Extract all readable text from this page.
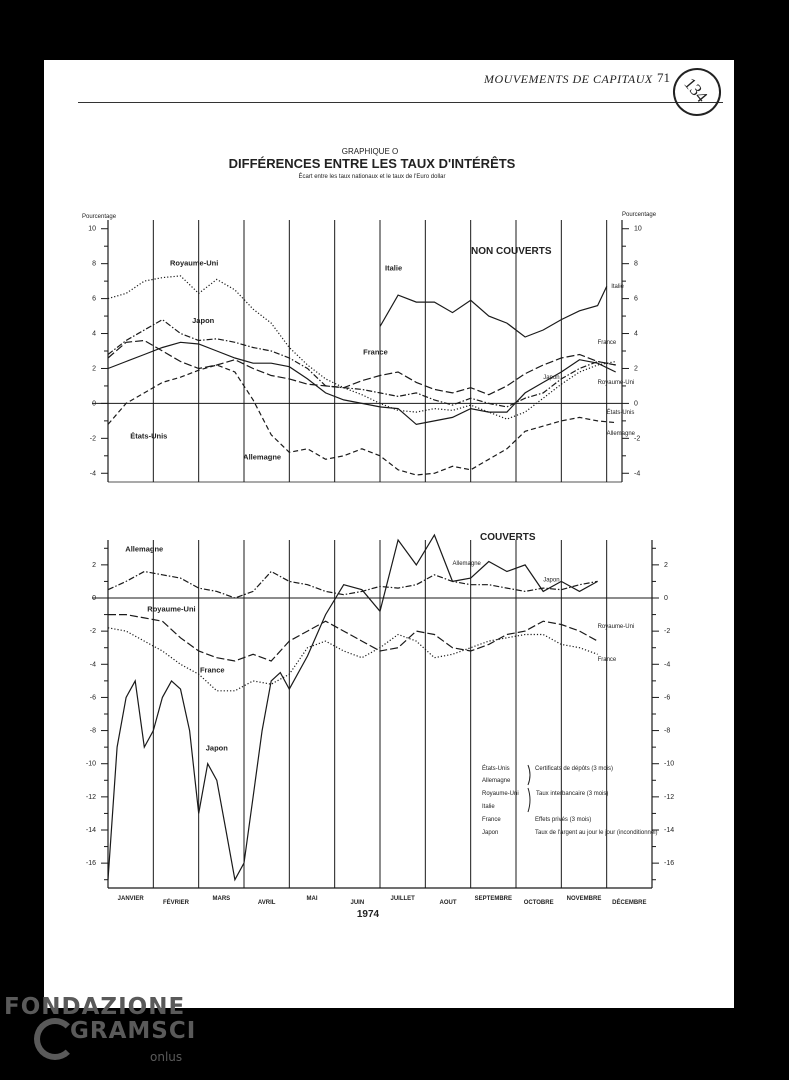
MOUVEMENTS DE CAPITAUX 71 134
GRAPHIQUE O
DIFFÉRENCES ENTRE LES TAUX D'INTÉRÊTS
Écart entre les taux nationaux et le taux de l'Euro dollar
Pourcentage	Pourcentage
NON COUVERTS
COUVERTS
1974
10
8
6
4
2
0
-2
-4
10
8
6
4
2
0
-2
-4
Italie
Italie
Royaume-Uni
Royaume-Uni
Japon
Japon
France
France
États-Unis
États-Unis
Allemagne
Allemagne
2
0
-2
-4
-6
-8
-10
-12
-14
-16
2
0
-2
-4
-6
-8
-10
-12
-14
-16
Allemagne
Allemagne
Royaume-Uni
Royaume-Uni
France
France
Japon
Japon
JANVIER
FÉVRIER
MARS
AVRIL
MAI
JUIN
JUILLET
AOUT
SEPTEMBRE
OCTOBRE
NOVEMBRE
DÉCEMBRE
États-Unis	Certificats de dépôts (3 mois)
Allemagne
Royaume-Uni	Taux interbancaire (3 mois)
Italie
France	Effets privés (3 mois)
Japon	Taux de l'argent au jour le jour (inconditionnel)
FONDAZIONE
GRAMSCI
onlus
